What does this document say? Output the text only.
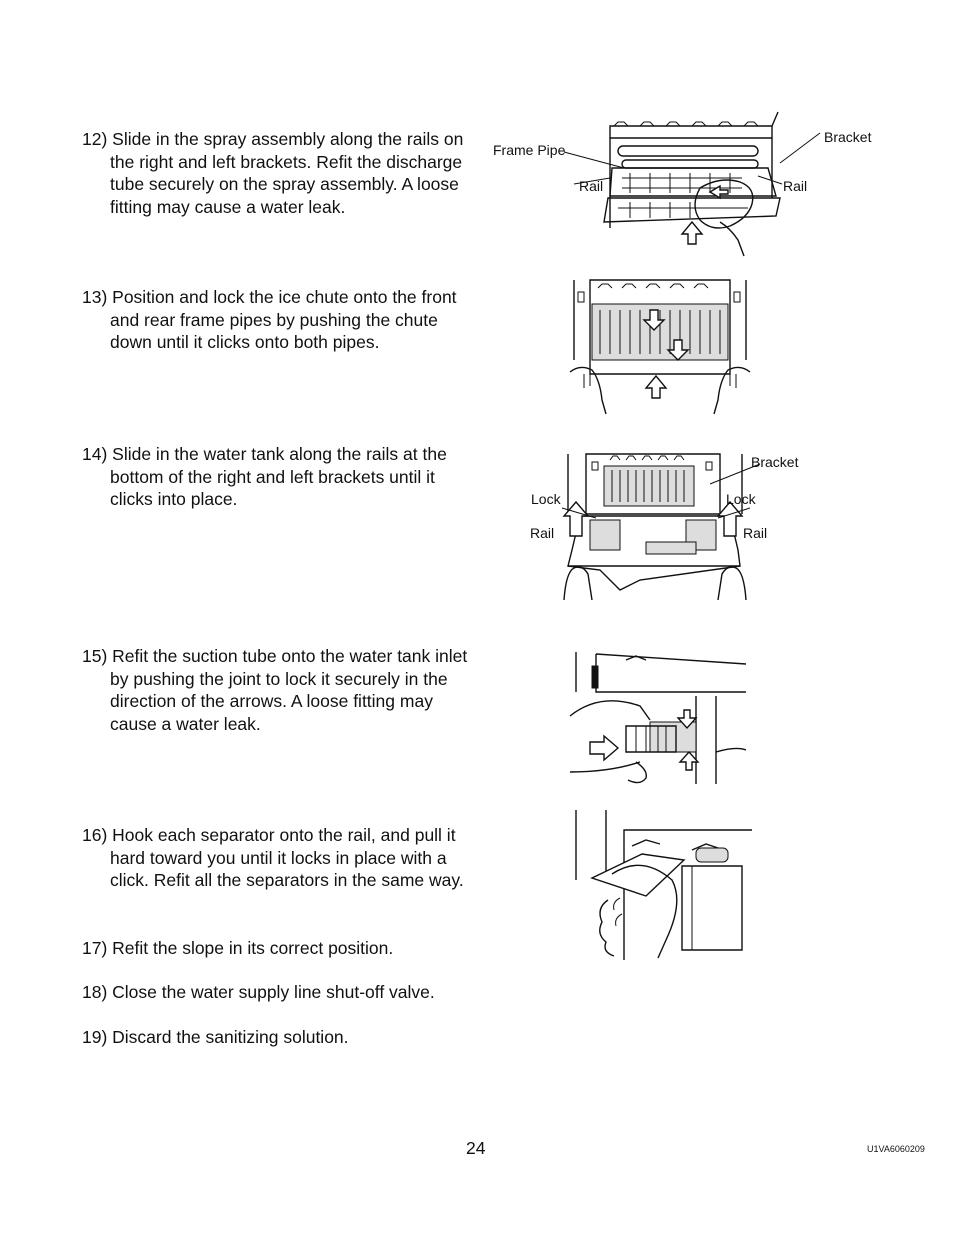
12) Slide in the spray assembly along the rails on
the right and left brackets. Refit the discharge
tube securely on the spray assembly. A loose
fitting may cause a water leak.
13) Position and lock the ice chute onto the front
and rear frame pipes by pushing the chute
down until it clicks onto both pipes.
14) Slide in the water tank along the rails at the
bottom of the right and left brackets until it
clicks into place.
15) Refit the suction tube onto the water tank inlet
by pushing the joint to lock it securely in the
direction of the arrows. A loose fitting may
cause a water leak.
16) Hook each separator onto the rail, and pull it
hard toward you until it locks in place with a
click. Refit all the separators in the same way.
17) Refit the slope in its correct position.
18) Close the water supply line shut-off valve.
19) Discard the sanitizing solution.
Bracket
Frame Pipe
Rail	Rail
Bracket
Lock	Lock
Rail	Rail
24	U1VA6060209
